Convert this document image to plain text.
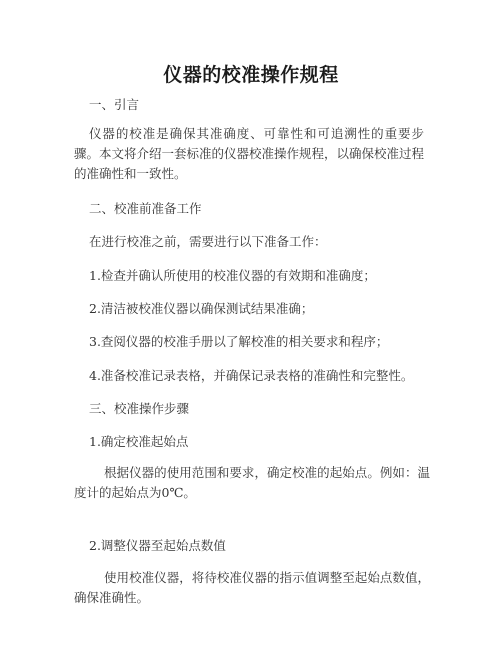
仪器的校准操作规程
一、引言
仪器的校准是确保其准确度、可靠性和可追溯性的重要步骤。本文将介绍一套标准的仪器校准操作规程，以确保校准过程的准确性和一致性。
二、校准前准备工作
在进行校准之前，需要进行以下准备工作：
1.检查并确认所使用的校准仪器的有效期和准确度；
2.清洁被校准仪器以确保测试结果准确；
3.查阅仪器的校准手册以了解校准的相关要求和程序；
4.准备校准记录表格，并确保记录表格的准确性和完整性。
三、校准操作步骤
1.确定校准起始点
根据仪器的使用范围和要求，确定校准的起始点。例如：温度计的起始点为0℃。
2.调整仪器至起始点数值
使用校准仪器，将待校准仪器的指示值调整至起始点数值，确保准确性。
